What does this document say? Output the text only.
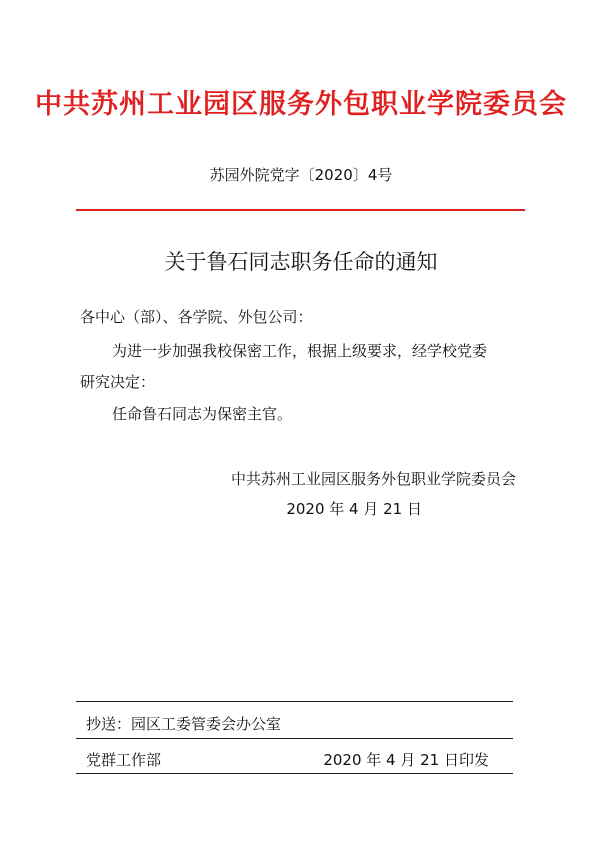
中共苏州工业园区服务外包职业学院委员会
苏园外院党字〔2020〕4号
关于鲁石同志职务任命的通知
各中心（部）、各学院、外包公司：
为进一步加强我校保密工作，根据上级要求，经学校党委
研究决定：
任命鲁石同志为保密主官。
中共苏州工业园区服务外包职业学院委员会
2020 年 4 月 21 日
抄送：园区工委管委会办公室
党群工作部	2020 年 4 月 21 日印发
